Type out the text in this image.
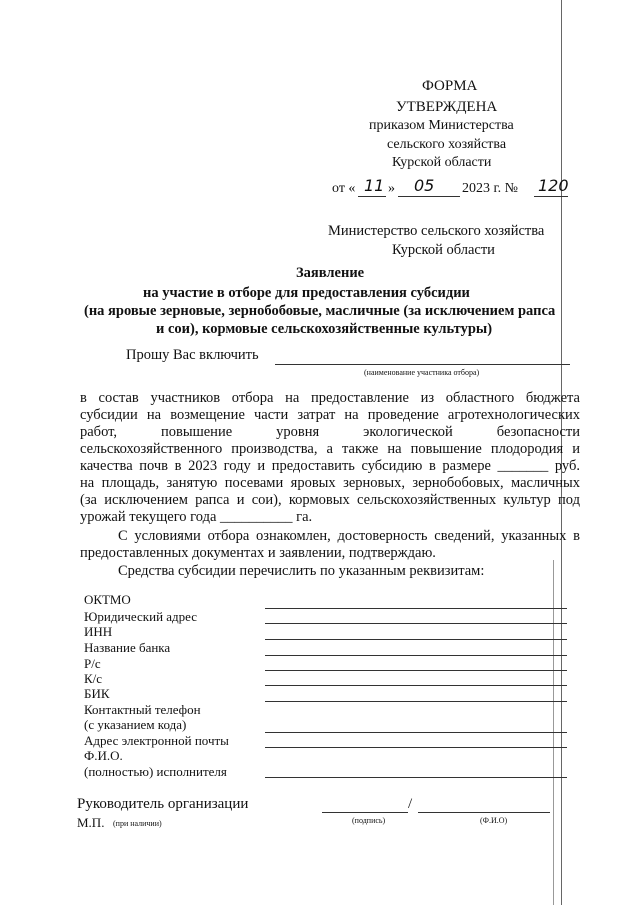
ФОРМА
УТВЕРЖДЕНА
приказом Министерства
сельского хозяйства
Курской области
от « 11 » 05 2023 г. № 120
Министерство сельского хозяйства
Курской области
Заявление
на участие в отборе для предоставления субсидии
(на яровые зерновые, зернобобовые, масличные (за исключением рапса
и сои), кормовые сельскохозяйственные культуры)
Прошу Вас включить
(наименование участника отбора)
в состав участников отбора на предоставление из областного бюджета
субсидии на возмещение части затрат на проведение агротехнологических
работ, повышение уровня экологической безопасности
сельскохозяйственного производства, а также на повышение плодородия и
качества почв в 2023 году и предоставить субсидию в размере _______ руб.
на площадь, занятую посевами яровых зерновых, зернобобовых, масличных
(за исключением рапса и сои), кормовых сельскохозяйственных культур под
урожай текущего года __________ га.
С условиями отбора ознакомлен, достоверность сведений, указанных в
предоставленных документах и заявлении, подтверждаю.
Средства субсидии перечислить по указанным реквизитам:
ОКТМО
Юридический адрес
ИНН
Название банка
Р/с
К/с
БИК
Контактный телефон
(с указанием кода)
Адрес электронной почты
Ф.И.О.
(полностью) исполнителя
Руководитель организации	/
М.П. (при наличии)	(подпись)	(Ф.И.О)
